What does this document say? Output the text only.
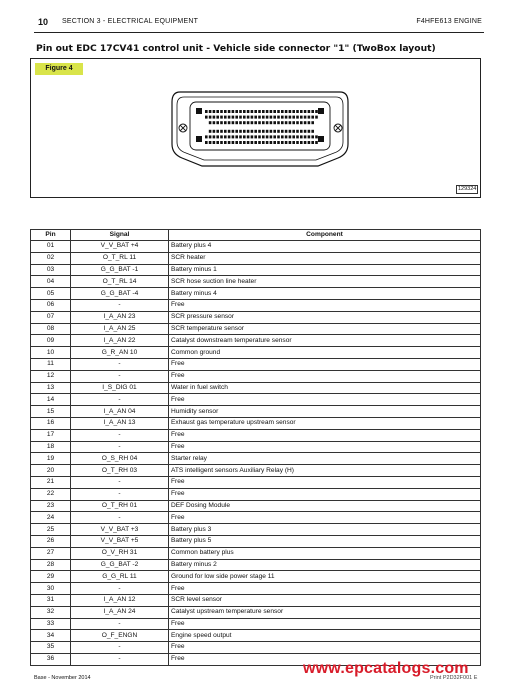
10 SECTION 3 - ELECTRICAL EQUIPMENT	F4HFE613 ENGINE
Pin out EDC 17CV41 control unit - Vehicle side connector "1" (TwoBox layout)
Figure 4
129324
Pin	Signal	Component
01	V_V_BAT +4	Battery plus 4
02	O_T_RL 11	SCR heater
03	G_G_BAT -1	Battery minus 1
04	O_T_RL 14	SCR hose suction line heater
05	G_G_BAT -4	Battery minus 4
06	-	Free
07	I_A_AN 23	SCR pressure sensor
08	I_A_AN 25	SCR temperature sensor
09	I_A_AN 22	Catalyst downstream temperature sensor
10	G_R_AN 10	Common ground
11	-	Free
12	-	Free
13	I_S_DIG 01	Water in fuel switch
14	-	Free
15	I_A_AN 04	Humidity sensor
16	I_A_AN 13	Exhaust gas temperature upstream sensor
17	-	Free
18	-	Free
19	O_S_RH 04	Starter relay
20	O_T_RH 03	ATS intelligent sensors Auxiliary Relay (H)
21	-	Free
22	-	Free
23	O_T_RH 01	DEF Dosing Module
24	-	Free
25	V_V_BAT +3	Battery plus 3
26	V_V_BAT +5	Battery plus 5
27	O_V_RH 31	Common battery plus
28	G_G_BAT -2	Battery minus 2
29	G_G_RL 11	Ground for low side power stage 11
30	-	Free
31	I_A_AN 12	SCR level sensor
32	I_A_AN 24	Catalyst upstream temperature sensor
33	-	Free
34	O_F_ENGN	Engine speed output
35	-	Free
36	-	Free
Base - November 2014	Print P2D32F001 E
www.epcatalogs.com
